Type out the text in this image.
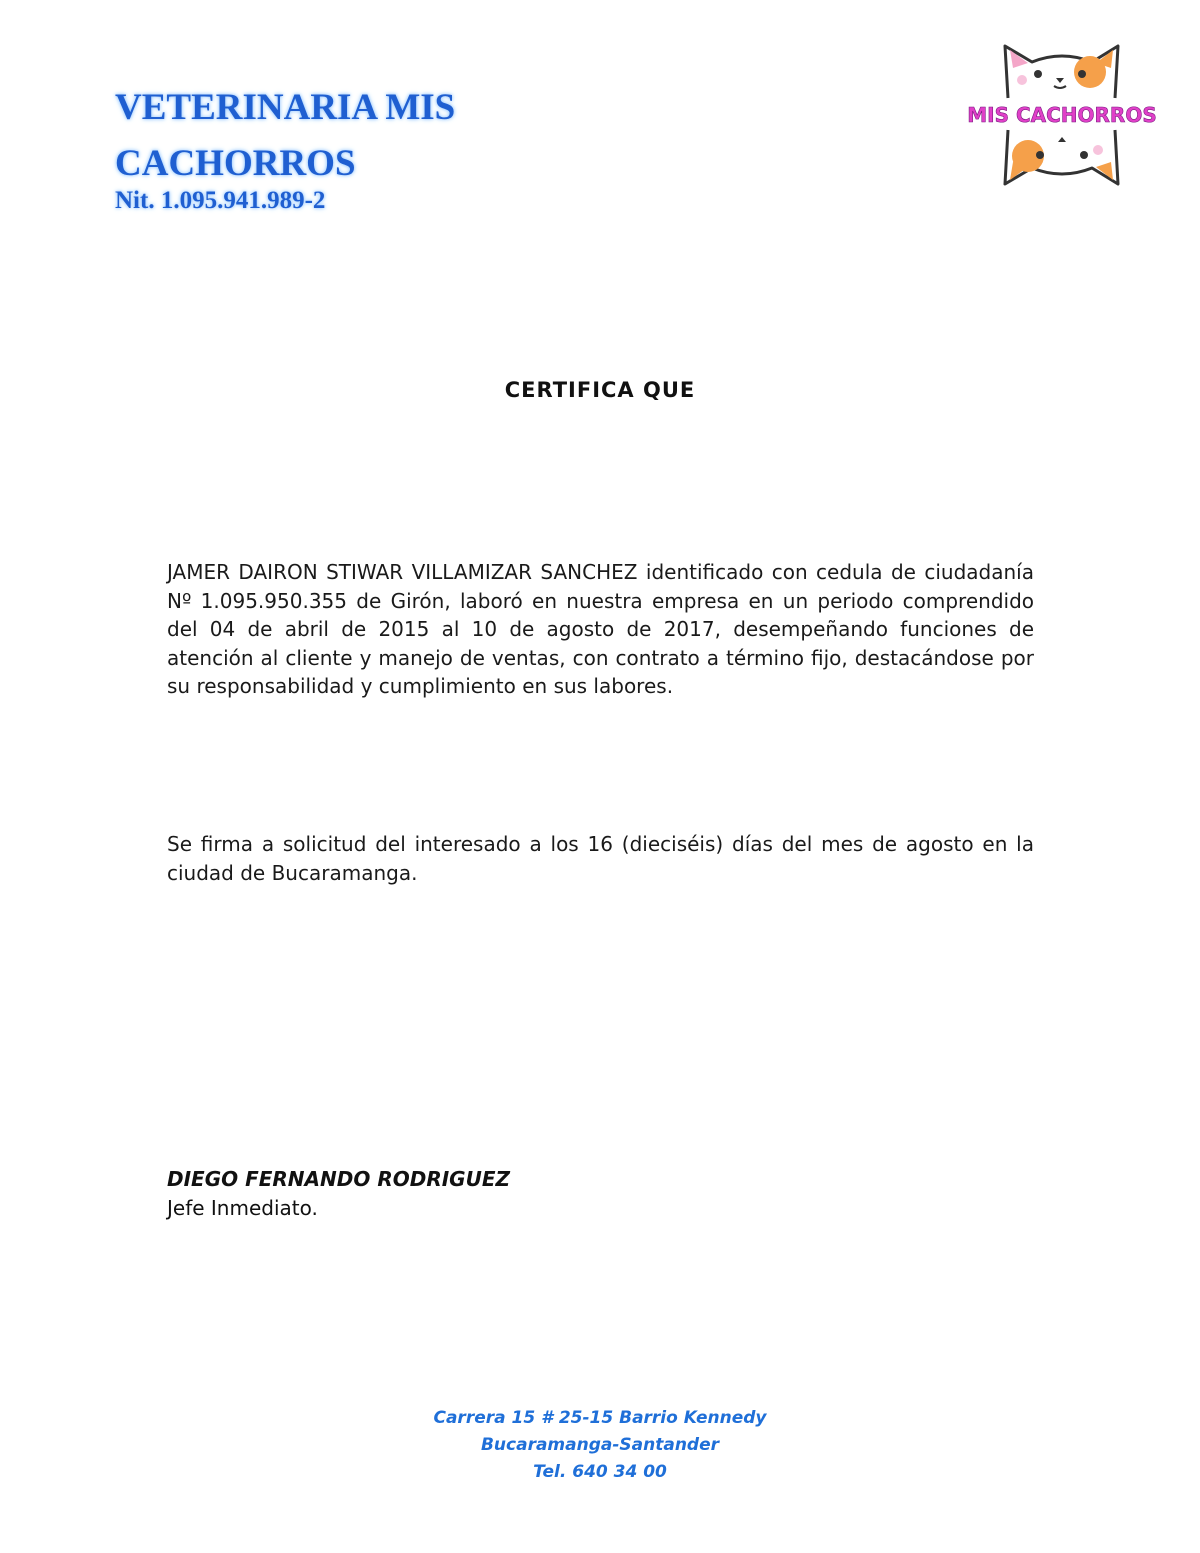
VETERINARIA MIS
CACHORROS
Nit. 1.095.941.989-2
MIS CACHORROS
CERTIFICA QUE

JAMER DAIRON STIWAR VILLAMIZAR SANCHEZ identificado con cedula de ciudadanía Nº 1.095.950.355 de Girón, laboró en nuestra empresa en un periodo comprendido del 04 de abril de 2015 al 10 de agosto de 2017, desempeñando funciones de atención al cliente y manejo de ventas, con contrato a término fijo, destacándose por su responsabilidad y cumplimiento en sus labores.

Se firma a solicitud del interesado a los 16 (dieciséis) días del mes de agosto en la ciudad de Bucaramanga.

DIEGO FERNANDO RODRIGUEZ
Jefe Inmediato.
Carrera 15 # 25-15 Barrio Kennedy
Bucaramanga-Santander
Tel. 640 34 00
